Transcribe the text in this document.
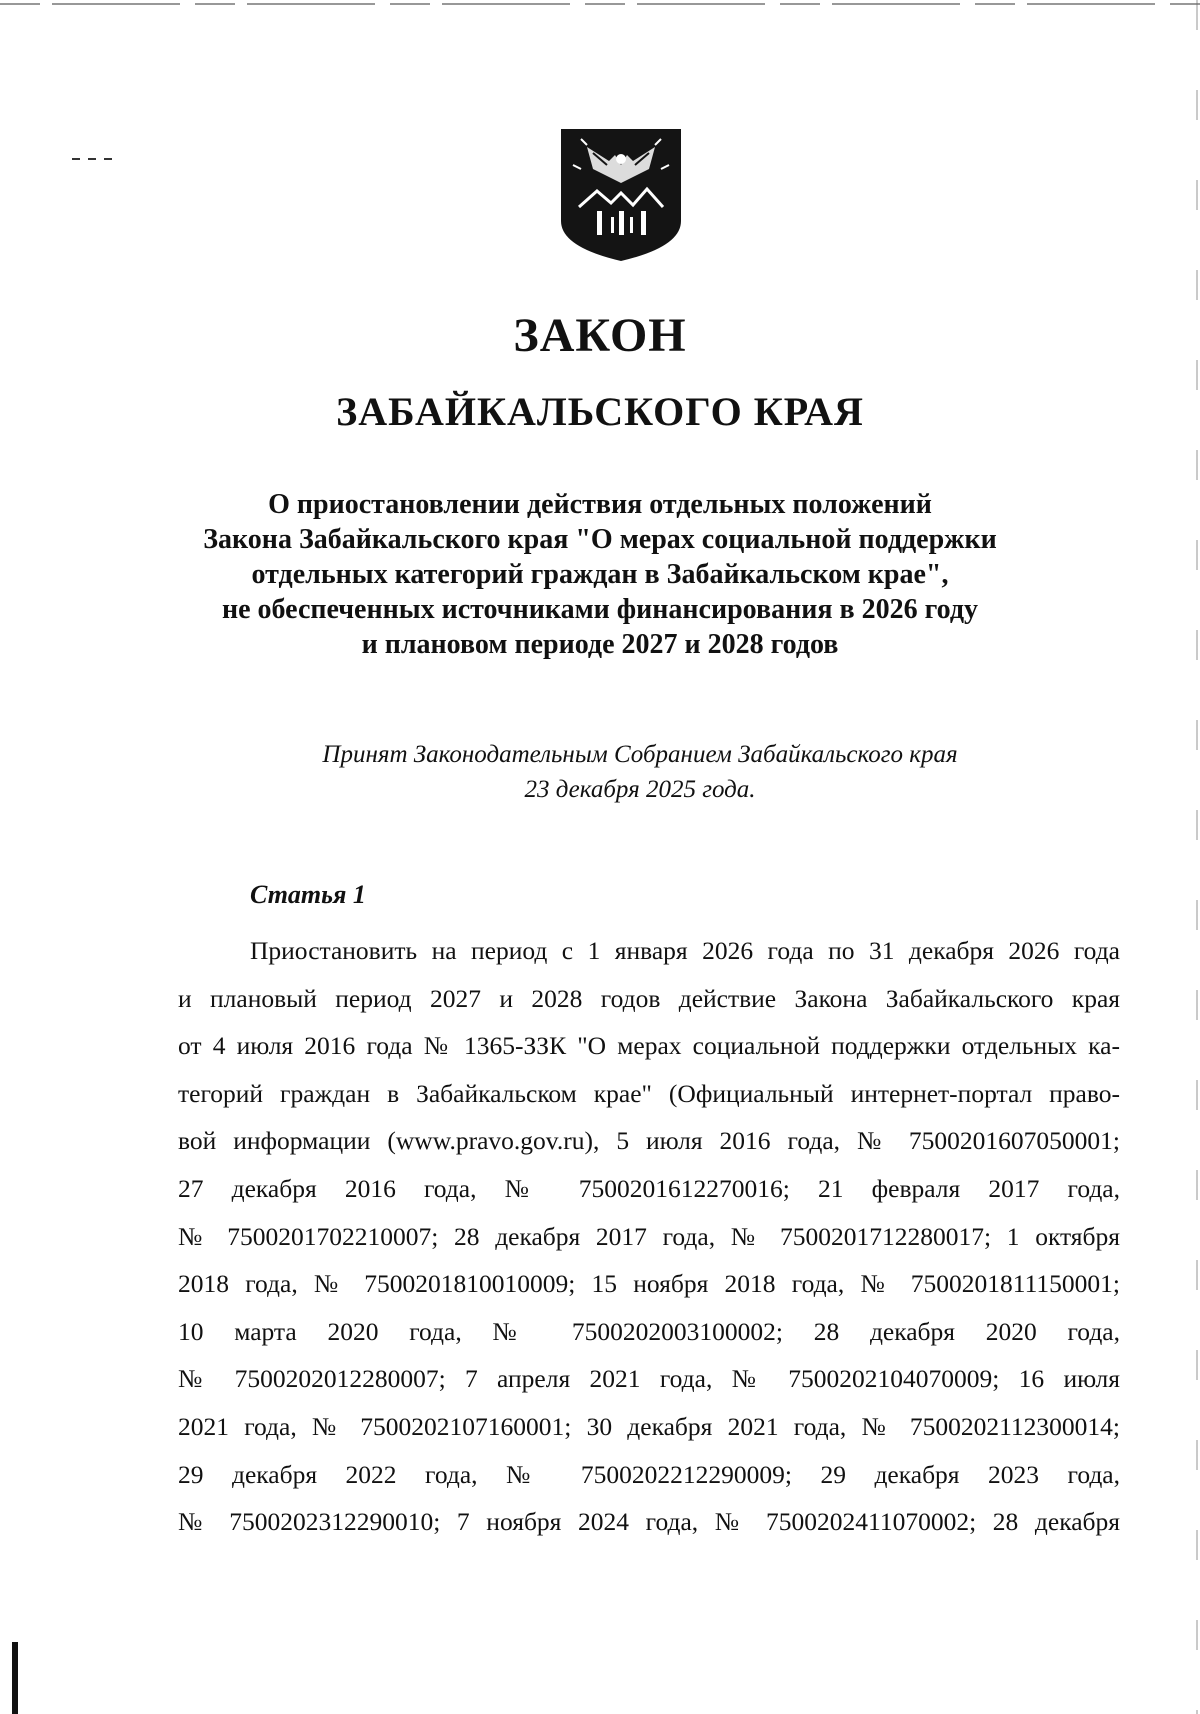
ЗАКОН
ЗАБАЙКАЛЬСКОГО КРАЯ
О приостановлении действия отдельных положений
Закона Забайкальского края "О мерах социальной поддержки
отдельных категорий граждан в Забайкальском крае",
не обеспеченных источниками финансирования в 2026 году
и плановом периоде 2027 и 2028 годов
Принят Законодательным Собранием Забайкальского края
23 декабря 2025 года.
Статья 1
Приостановить на период с 1 января 2026 года по 31 декабря 2026 года
и плановый период 2027 и 2028 годов действие Закона Забайкальского края
от 4 июля 2016 года № 1365-ЗЗК "О мерах социальной поддержки отдельных ка-
тегорий граждан в Забайкальском крае" (Официальный интернет-портал право-
вой информации (www.pravo.gov.ru), 5 июля 2016 года, № 7500201607050001;
27 декабря 2016 года, № 7500201612270016; 21 февраля 2017 года,
№ 7500201702210007; 28 декабря 2017 года, № 7500201712280017; 1 октября
2018 года, № 7500201810010009; 15 ноября 2018 года, № 7500201811150001;
10 марта 2020 года, № 7500202003100002; 28 декабря 2020 года,
№ 7500202012280007; 7 апреля 2021 года, № 7500202104070009; 16 июля
2021 года, № 7500202107160001; 30 декабря 2021 года, № 7500202112300014;
29 декабря 2022 года, № 7500202212290009; 29 декабря 2023 года,
№ 7500202312290010; 7 ноября 2024 года, № 7500202411070002; 28 декабря
